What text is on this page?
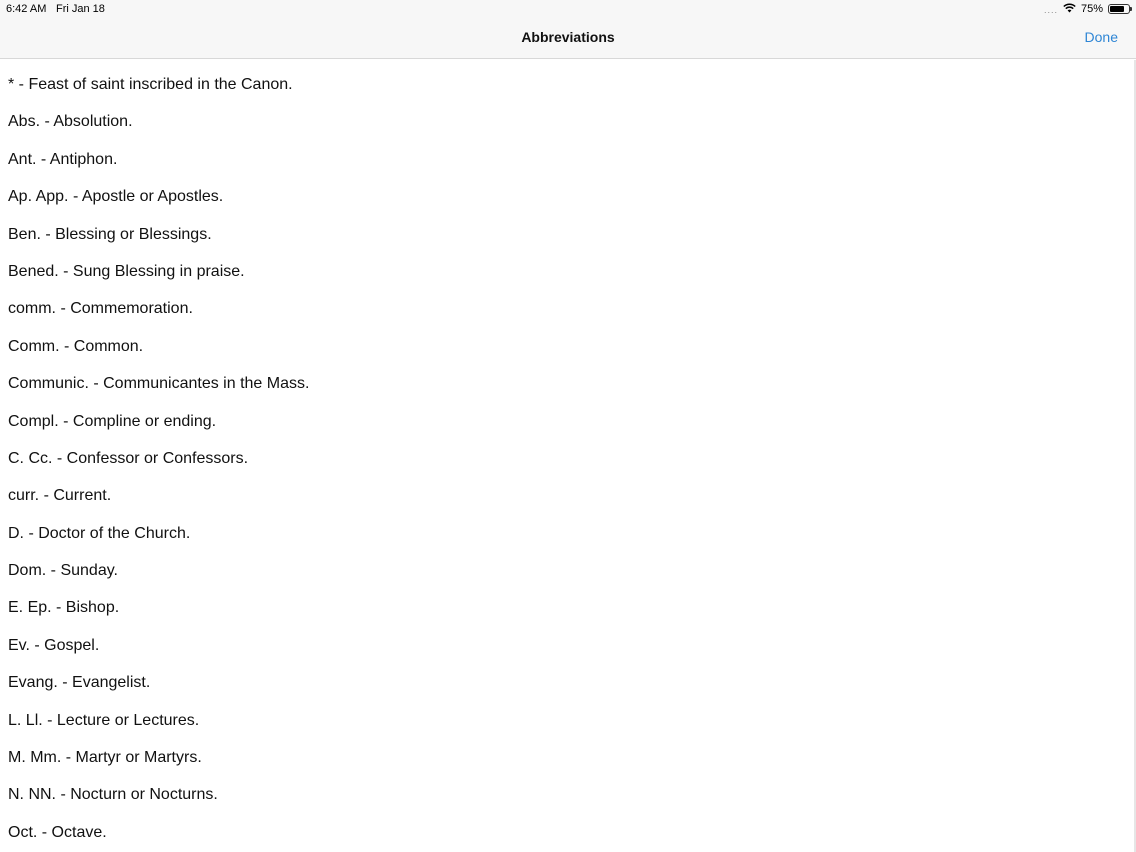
6:42 AM Fri Jan 18	.... 75%
Abbreviations	Done
* - Feast of saint inscribed in the Canon.
Abs. - Absolution.
Ant. - Antiphon.
Ap. App. - Apostle or Apostles.
Ben. - Blessing or Blessings.
Bened. - Sung Blessing in praise.
comm. - Commemoration.
Comm. - Common.
Communic. - Communicantes in the Mass.
Compl. - Compline or ending.
C. Cc. - Confessor or Confessors.
curr. - Current.
D. - Doctor of the Church.
Dom. - Sunday.
E. Ep. - Bishop.
Ev. - Gospel.
Evang. - Evangelist.
L. Ll. - Lecture or Lectures.
M. Mm. - Martyr or Martyrs.
N. NN. - Nocturn or Nocturns.
Oct. - Octave.
